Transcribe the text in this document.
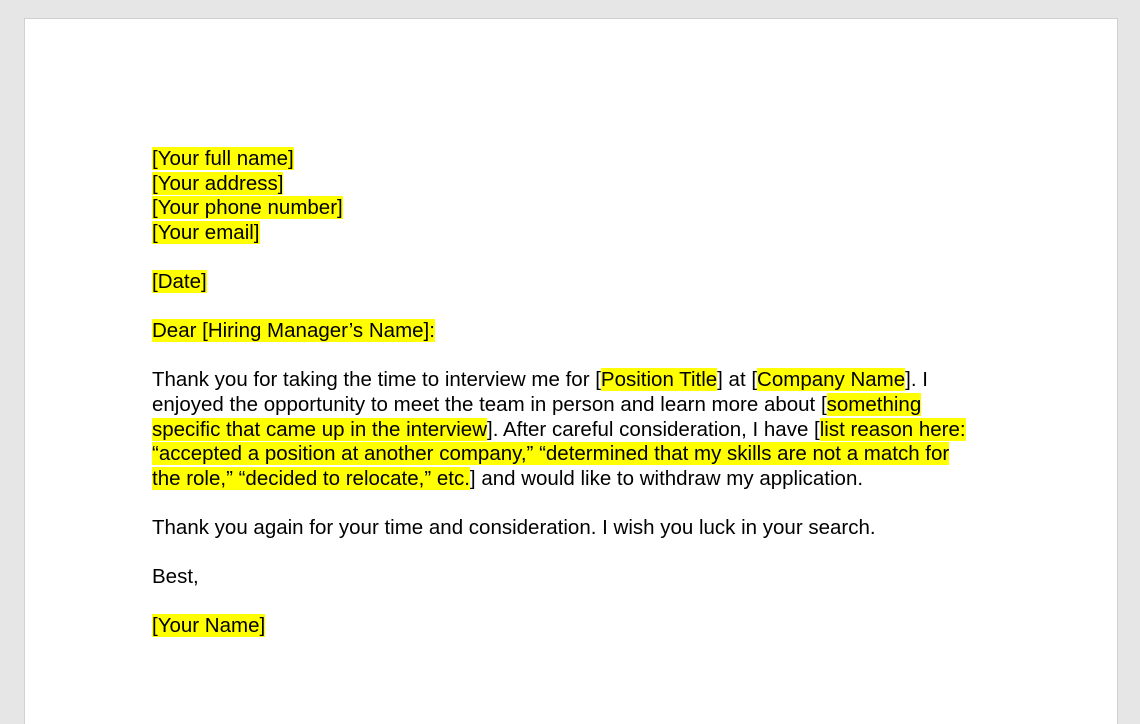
[Your full name]
[Your address]
[Your phone number]
[Your email]
[Date]
Dear [Hiring Manager’s Name]:
Thank you for taking the time to interview me for [Position Title] at [Company Name]. I enjoyed the opportunity to meet the team in person and learn more about [something specific that came up in the interview]. After careful consideration, I have [list reason here: “accepted a position at another company,” “determined that my skills are not a match for the role,” “decided to relocate,” etc.] and would like to withdraw my application.
Thank you again for your time and consideration. I wish you luck in your search.
Best,
[Your Name]
